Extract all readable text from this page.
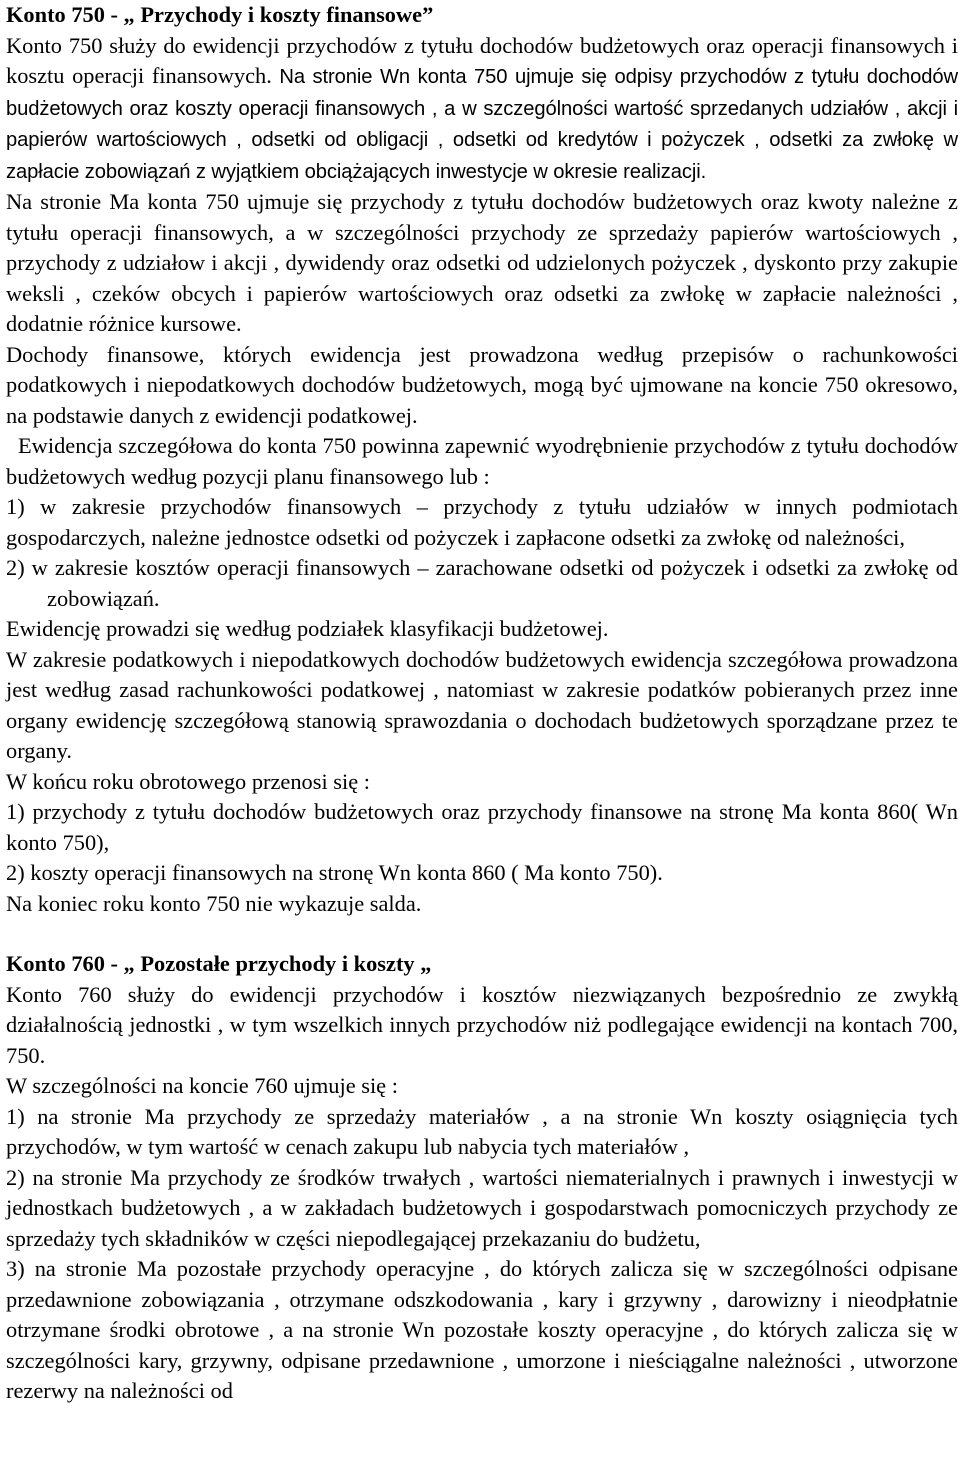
Konto 750 - „ Przychody i koszty finansowe”

Konto 750 służy do ewidencji przychodów z tytułu dochodów budżetowych oraz operacji finansowych i kosztu operacji finansowych. Na stronie Wn konta 750 ujmuje się odpisy przychodów z tytułu dochodów budżetowych oraz koszty operacji finansowych , a w szczególności wartość sprzedanych udziałów , akcji i papierów wartościowych , odsetki od obligacji , odsetki od kredytów i pożyczek , odsetki za zwłokę w zapłacie zobowiązań z wyjątkiem obciążających inwestycje w okresie realizacji.

Na stronie Ma konta 750 ujmuje się przychody z tytułu dochodów budżetowych oraz kwoty należne z tytułu operacji finansowych, a w szczególności przychody ze sprzedaży papierów wartościowych , przychody z udziałow i akcji , dywidendy oraz odsetki od udzielonych pożyczek , dyskonto przy zakupie weksli , czeków obcych i papierów wartościowych oraz odsetki za zwłokę w zapłacie należności , dodatnie różnice kursowe.

Dochody finansowe, których ewidencja jest prowadzona według przepisów o rachunkowości podatkowych i niepodatkowych dochodów budżetowych, mogą być ujmowane na koncie 750 okresowo, na podstawie danych z ewidencji podatkowej.

Ewidencja szczegółowa do konta 750 powinna zapewnić wyodrębnienie przychodów z tytułu dochodów budżetowych według pozycji planu finansowego lub :

1) w zakresie przychodów finansowych – przychody z tytułu udziałów w innych podmiotach gospodarczych, należne jednostce odsetki od pożyczek i zapłacone odsetki za zwłokę od należności,

2) w zakresie kosztów operacji finansowych – zarachowane odsetki od pożyczek i odsetki za zwłokę od zobowiązań.

Ewidencję prowadzi się według podziałek klasyfikacji budżetowej.

W zakresie podatkowych i niepodatkowych dochodów budżetowych ewidencja szczegółowa prowadzona jest według zasad rachunkowości podatkowej , natomiast w zakresie podatków pobieranych przez inne organy ewidencję szczegółową stanowią sprawozdania o dochodach budżetowych sporządzane przez te organy.

W końcu roku obrotowego przenosi się :

1) przychody z tytułu dochodów budżetowych oraz przychody finansowe na stronę Ma konta 860( Wn konto 750),

2) koszty operacji finansowych na stronę Wn konta 860 ( Ma konto 750).

Na koniec roku konto 750 nie wykazuje salda.

Konto 760 - „ Pozostałe przychody i koszty „

Konto 760 służy do ewidencji przychodów i kosztów niezwiązanych bezpośrednio ze zwykłą działalnością jednostki , w tym wszelkich innych przychodów niż podlegające ewidencji na kontach 700, 750.

W szczególności na koncie 760 ujmuje się :

1) na stronie Ma przychody ze sprzedaży materiałów , a na stronie Wn koszty osiągnięcia tych przychodów, w tym wartość w cenach zakupu lub nabycia tych materiałów ,

2) na stronie Ma przychody ze środków trwałych , wartości niematerialnych i prawnych i inwestycji w jednostkach budżetowych , a w zakładach budżetowych i gospodarstwach pomocniczych przychody ze sprzedaży tych składników w części niepodlegającej przekazaniu do budżetu,

3) na stronie Ma pozostałe przychody operacyjne , do których zalicza się w szczególności odpisane przedawnione zobowiązania , otrzymane odszkodowania , kary i grzywny , darowizny i nieodpłatnie otrzymane środki obrotowe , a na stronie Wn pozostałe koszty operacyjne , do których zalicza się w szczególności kary, grzywny, odpisane przedawnione , umorzone i nieściągalne należności , utworzone rezerwy na należności od
